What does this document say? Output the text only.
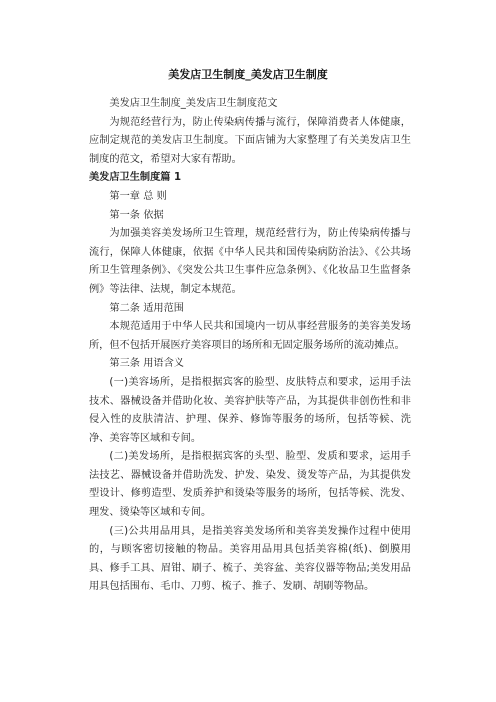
美发店卫生制度_美发店卫生制度

美发店卫生制度_美发店卫生制度范文

为规范经营行为，防止传染病传播与流行，保障消费者人体健康，应制定规范的美发店卫生制度。下面店铺为大家整理了有关美发店卫生制度的范文，希望对大家有帮助。

美发店卫生制度篇 1

第一章 总 则

第一条 依据

为加强美容美发场所卫生管理，规范经营行为，防止传染病传播与流行，保障人体健康，依据《中华人民共和国传染病防治法》、《公共场所卫生管理条例》、《突发公共卫生事件应急条例》、《化妆品卫生监督条例》等法律、法规，制定本规范。

第二条 适用范围

本规范适用于中华人民共和国境内一切从事经营服务的美容美发场所，但不包括开展医疗美容项目的场所和无固定服务场所的流动摊点。

第三条 用语含义

(一)美容场所，是指根据宾客的脸型、皮肤特点和要求，运用手法技术、器械设备并借助化妆、美容护肤等产品，为其提供非创伤性和非侵入性的皮肤清洁、护理、保养、修饰等服务的场所，包括等候、洗净、美容等区域和专间。

(二)美发场所，是指根据宾客的头型、脸型、发质和要求，运用手法技艺、器械设备并借助洗发、护发、染发、烫发等产品，为其提供发型设计、修剪造型、发质养护和烫染等服务的场所，包括等候、洗发、理发、烫染等区域和专间。

(三)公共用品用具，是指美容美发场所和美容美发操作过程中使用的，与顾客密切接触的物品。美容用品用具包括美容棉(纸)、倒膜用具、修手工具、眉钳、刷子、梳子、美容盆、美容仪器等物品;美发用品用具包括围布、毛巾、刀剪、梳子、推子、发刷、胡刷等物品。
